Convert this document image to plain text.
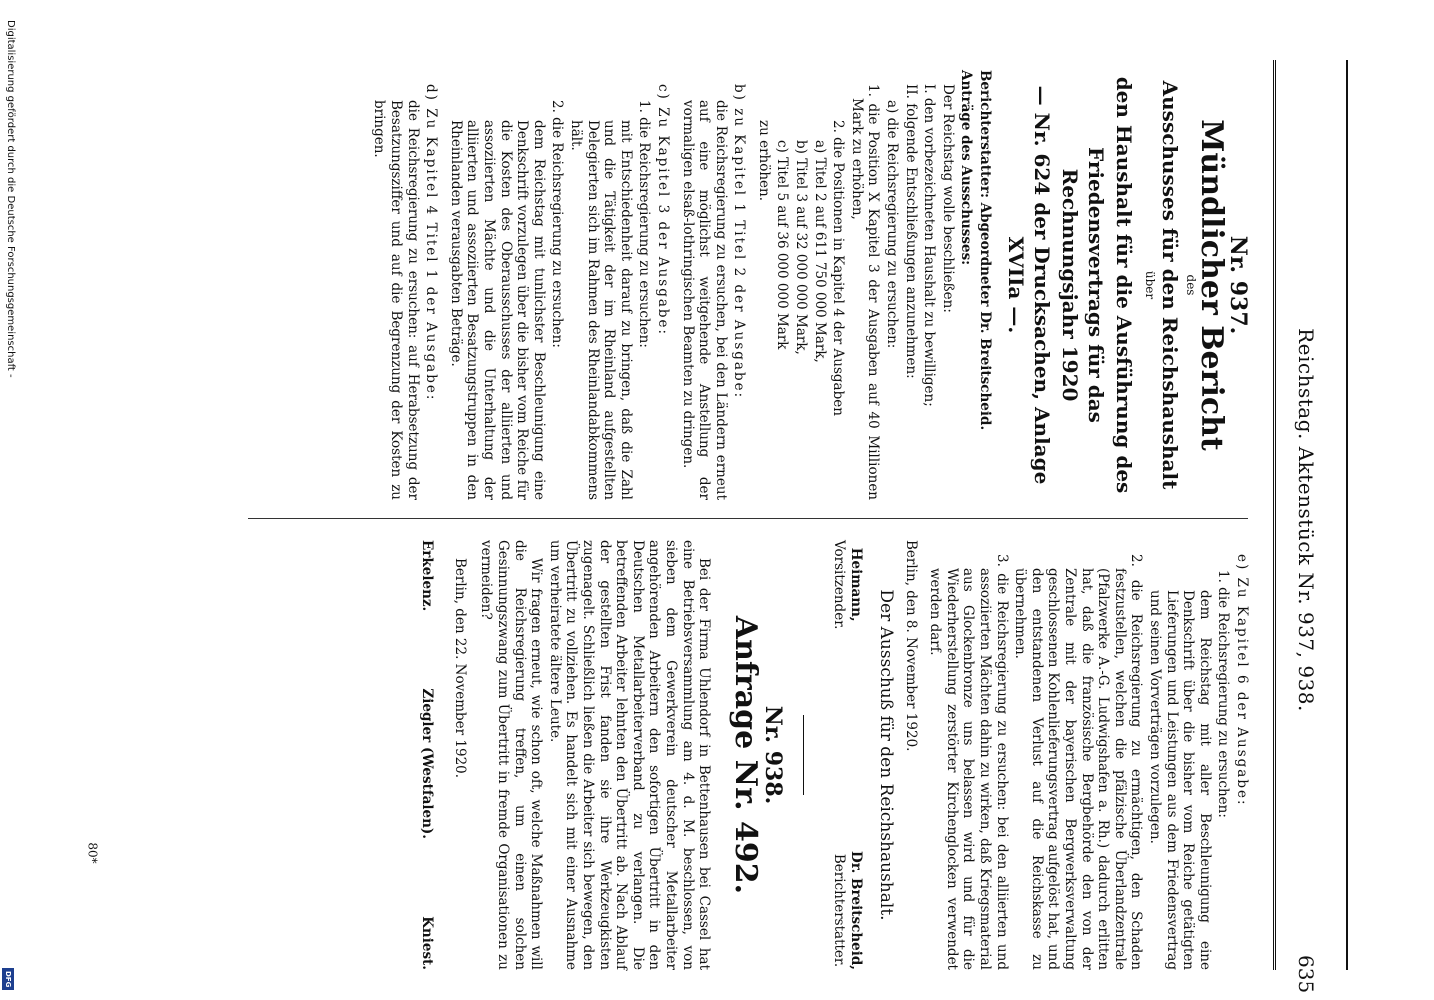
Digitalisierung gefördert durch die Deutsche Forschungsgemeinschaft -
DFG
80*
Reichstag. Aktenstück Nr. 937, 938.
635
Nr. 937.
Mündlicher Bericht
des
Ausschusses für den Reichshaushalt
über
den Haushalt für die Ausführung des
Friedensvertrags für das Rechnungsjahr 1920
— Nr. 624 der Drucksachen, Anlage XVIIa —.

Berichterstatter: Abgeordneter Dr. Breitscheid.

Anträge des Ausschusses:

Der Reichstag wolle beschließen:

I. den vorbezeichneten Haushalt zu bewilligen;

II. folgende Entschließungen anzunehmen:

a) die Reichsregierung zu ersuchen:

1. die Position X Kapitel 3 der Ausgaben auf 40 Millionen Mark zu erhöhen,

2. die Positionen in Kapitel 4 der Ausgaben

a) Titel 2 auf 611 750 000 Mark,

b) Titel 3 auf 32 000 000 Mark,

c) Titel 5 auf 36 000 000 Mark

zu erhöhen.

b) zu Kapitel 1 Titel 2 der Ausgabe:

die Reichsregierung zu ersuchen, bei den Ländern erneut auf eine möglichst weitgehende Anstellung der vormaligen elsaß-lothringischen Beamten zu dringen.

c) Zu Kapitel 3 der Ausgabe:

1. die Reichsregierung zu ersuchen:

mit Entschiedenheit darauf zu bringen, daß die Zahl und die Tätigkeit der im Rheinland aufgestellten Delegierten sich im Rahmen des Rheinlandabkommens hält.

2. die Reichsregierung zu ersuchen:

dem Reichstag mit tunlichster Beschleunigung eine Denkschrift vorzulegen über die bisher vom Reiche für die Kosten des Oberausschusses der alliierten und assoziierten Mächte und die Unterhaltung der alliierten und assoziierten Besatzungstruppen in den Rheinlanden verausgabten Beträge.

d) Zu Kapitel 4 Titel 1 der Ausgabe:

die Reichsregierung zu ersuchen: auf Herabsetzung der Besatzungsziffer und auf die Begrenzung der Kosten zu bringen.

e) Zu Kapitel 6 der Ausgabe:

1. die Reichsregierung zu ersuchen:

dem Reichstag mit aller Beschleunigung eine Denkschrift über die bisher vom Reiche getätigten Lieferungen und Leistungen aus dem Friedensvertrag und seinen Vorverträgen vorzulegen.

2. die Reichsregierung zu ermächtigen, den Schaden festzustellen, welchen die pfälzische Überlandzentrale (Pfalzwerke A.-G. Ludwigshafen a. Rh.) dadurch erlitten hat, daß die französische Bergbehörde den von der Zentrale mit der bayerischen Bergwerksverwaltung geschlossenen Kohlenlieferungsvertrag aufgelöst hat, und den entstandenen Verlust auf die Reichskasse zu übernehmen.

3. die Reichsregierung zu ersuchen: bei den alliierten und assoziierten Mächten dahin zu wirken, daß Kriegsmaterial aus Glockenbronze uns belassen wird und für die Wiederherstellung zerstörter Kirchenglocken verwendet werden darf.

Berlin, den 8. November 1920.

Der Ausschuß für den Reichshaushalt.
Heimann,
Vorsitzender.
Dr. Breitscheid,
Berichterstatter.
Nr. 938.
Anfrage Nr. 492.

Bei der Firma Uhlendorf in Bettenhausen bei Cassel hat eine Betriebsversammlung am 4. d. M. beschlossen, von sieben dem Gewerkverein deutscher Metallarbeiter angehörenden Arbeitern den sofortigen Übertritt in den Deutschen Metallarbeiterverband zu verlangen. Die betreffenden Arbeiter lehnten den Übertritt ab. Nach Ablauf der gestellten Frist fanden sie ihre Werkzeugkisten zugenagelt. Schließlich ließen die Arbeiter sich bewegen, den Übertritt zu vollziehen. Es handelt sich mit einer Ausnahme um verheiratete ältere Leute.

Wir fragen erneut, wie schon oft, welche Maßnahmen will die Reichsregierung treffen, um einen solchen Gesinnungszwang zum Übertritt in fremde Organisationen zu vermeiden?

Berlin, den 22. November 1920.

Erkelenz.
Ziegler (Westfalen).
Kniest.
